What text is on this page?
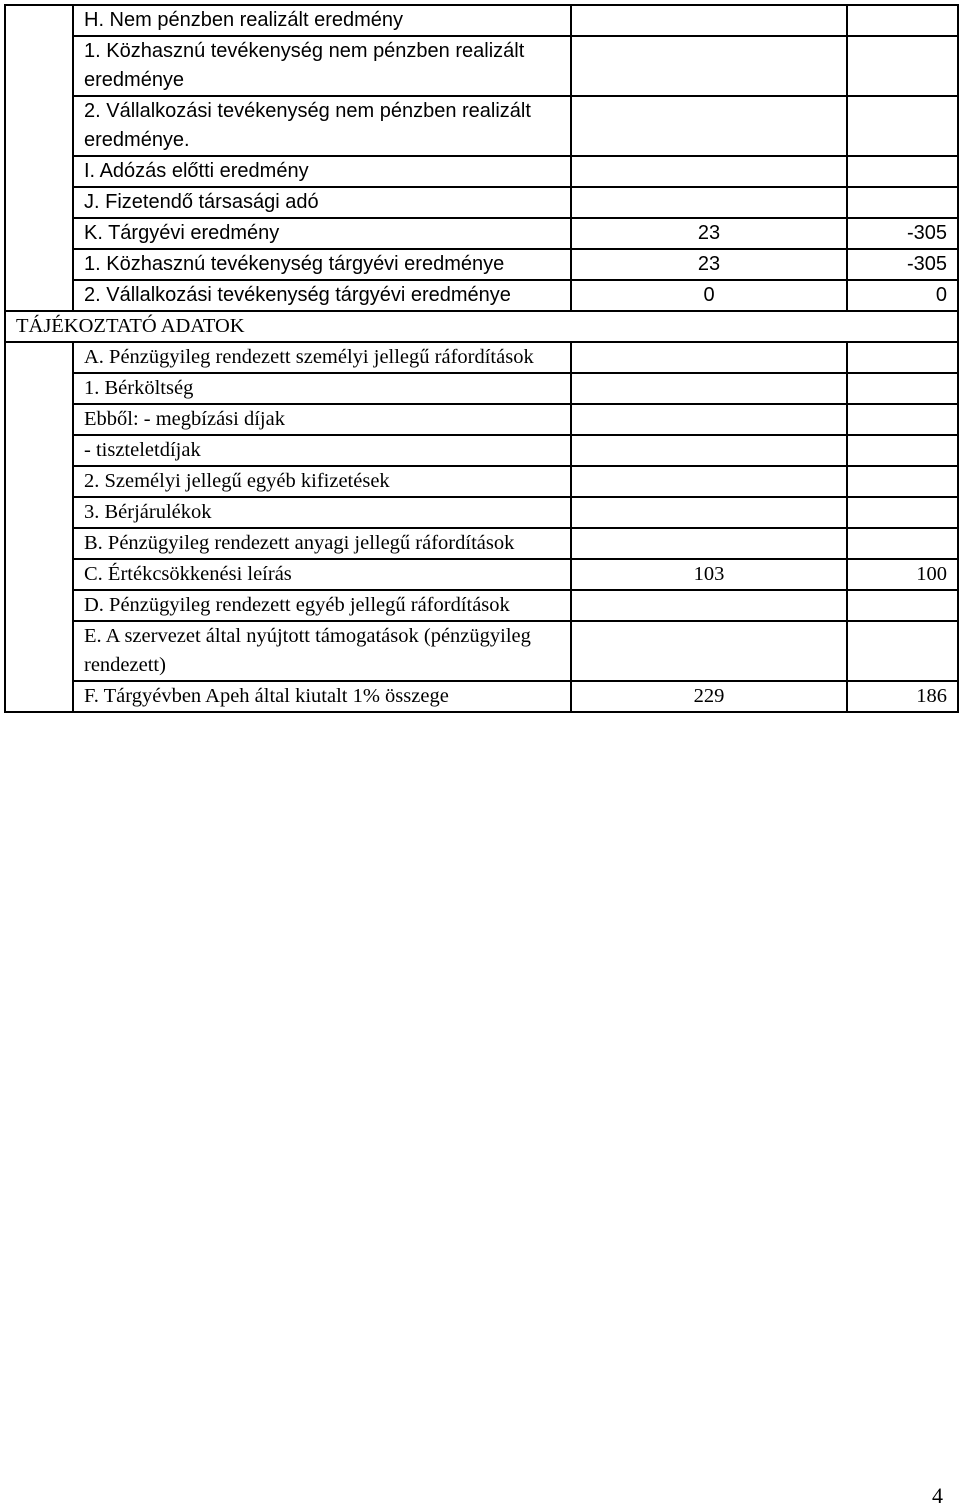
	H. Nem pénzben realizált eredmény		
	1. Közhasznú tevékenység nem pénzben realizált eredménye		
	2. Vállalkozási tevékenység nem pénzben realizált eredménye.		
	I. Adózás előtti eredmény		
	J. Fizetendő társasági adó		
	K. Tárgyévi eredmény	23	-305
	1. Közhasznú tevékenység tárgyévi eredménye	23	-305
	2. Vállalkozási tevékenység tárgyévi eredménye	0	0
TÁJÉKOZTATÓ ADATOK			
	A. Pénzügyileg rendezett személyi jellegű ráfordítások		
	1. Bérköltség		
	Ebből: - megbízási díjak		
	- tiszteletdíjak		
	2. Személyi jellegű egyéb kifizetések		
	3. Bérjárulékok		
	B. Pénzügyileg rendezett anyagi jellegű ráfordítások		
	C. Értékcsökkenési leírás	103	100
	D. Pénzügyileg rendezett egyéb jellegű ráfordítások		
	E. A szervezet által nyújtott támogatások (pénzügyileg rendezett)		
	F. Tárgyévben Apeh által kiutalt 1% összege	229	186
4
